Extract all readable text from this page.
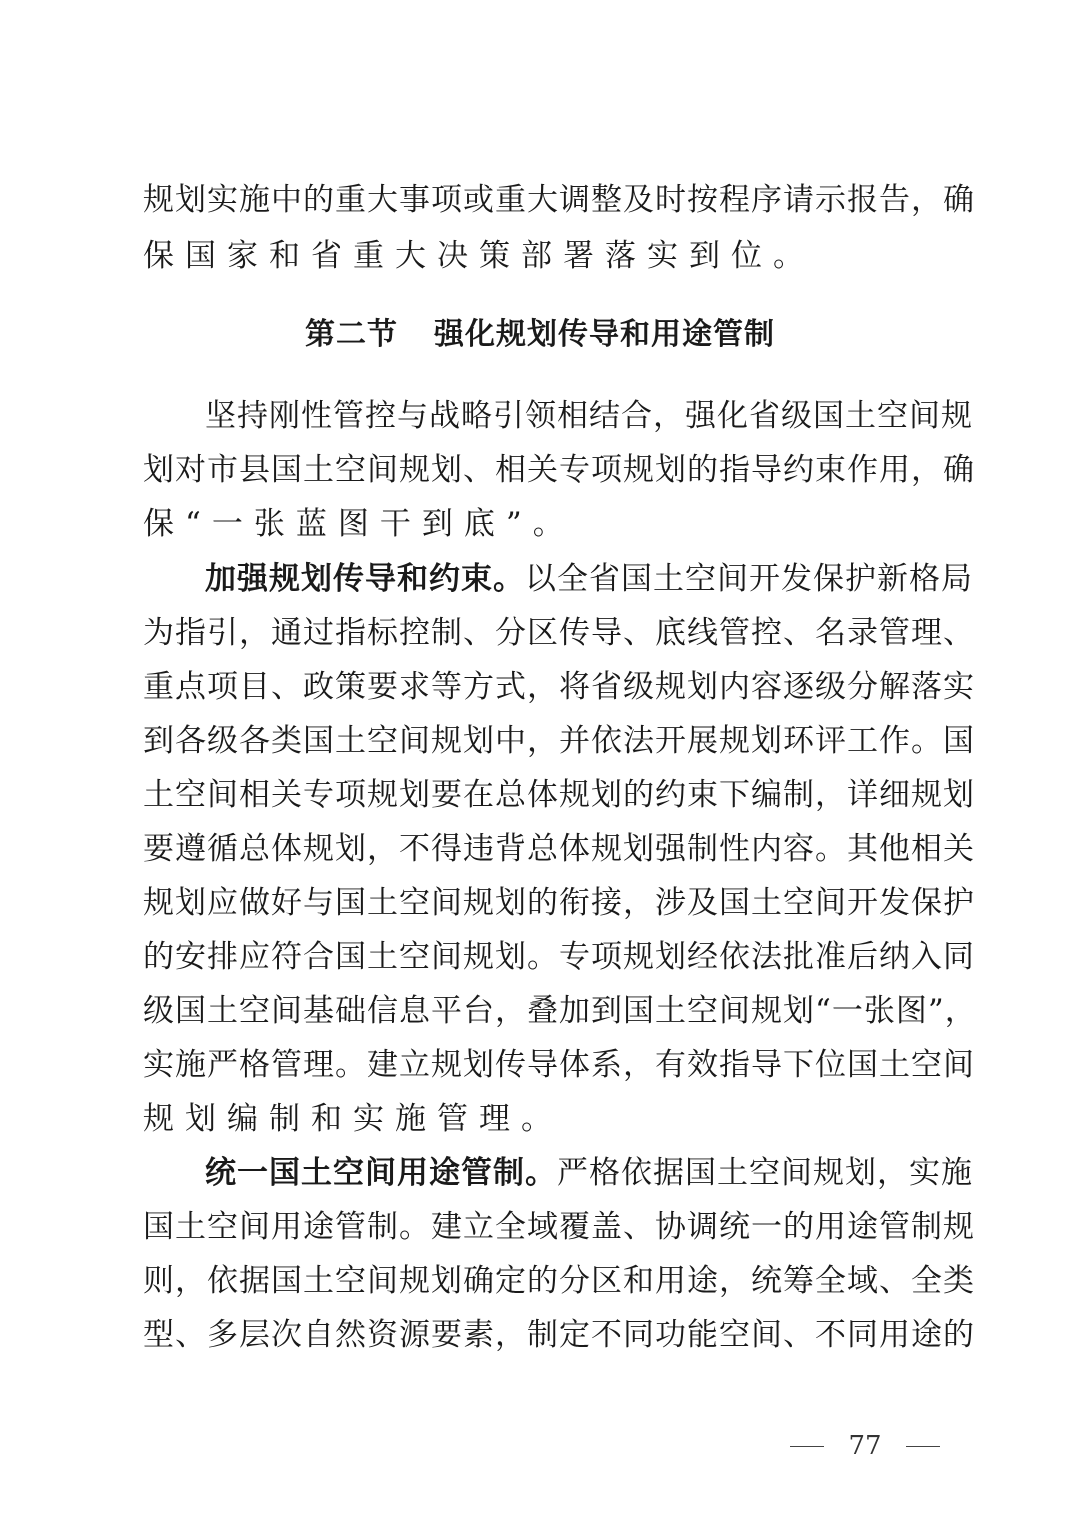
规划实施中的重大事项或重大调整及时按程序请示报告，确
保国家和省重大决策部署落实到位。
第二节 强化规划传导和用途管制
坚持刚性管控与战略引领相结合，强化省级国土空间规
划对市县国土空间规划、相关专项规划的指导约束作用，确
保“一张蓝图干到底”。
加强规划传导和约束。以全省国土空间开发保护新格局
为指引，通过指标控制、分区传导、底线管控、名录管理、
重点项目、政策要求等方式，将省级规划内容逐级分解落实
到各级各类国土空间规划中，并依法开展规划环评工作。国
土空间相关专项规划要在总体规划的约束下编制，详细规划
要遵循总体规划，不得违背总体规划强制性内容。其他相关
规划应做好与国土空间规划的衔接，涉及国土空间开发保护
的安排应符合国土空间规划。专项规划经依法批准后纳入同
级国土空间基础信息平台，叠加到国土空间规划“一张图”，
实施严格管理。建立规划传导体系，有效指导下位国土空间
规划编制和实施管理。
统一国土空间用途管制。严格依据国土空间规划，实施
国土空间用途管制。建立全域覆盖、协调统一的用途管制规
则，依据国土空间规划确定的分区和用途，统筹全域、全类
型、多层次自然资源要素，制定不同功能空间、不同用途的
77
